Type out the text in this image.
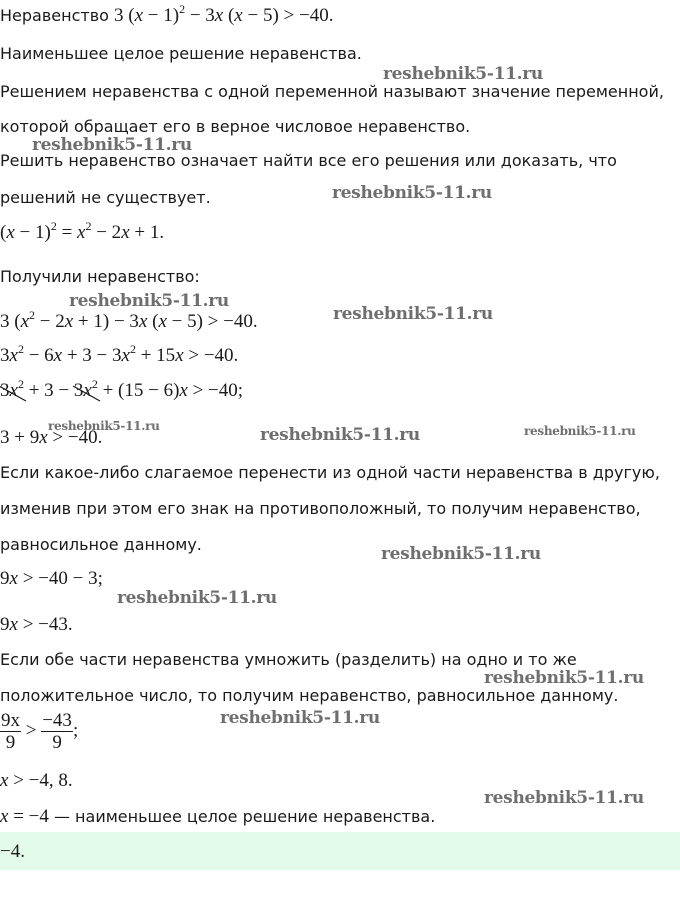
Неравенство 3 $(x - 1)^2 - 3x$ (x − 5) > −40.
Наименьшее целое решение неравенства.
Решением неравенства с одной переменной называют значение переменной,
которой обращает его в верное числовое неравенство.
Решить неравенство означает найти все его решения или доказать, что
решений не существует.
$(x - 1)^2 = x^2 - 2x + 1$.
Получили неравенство:
3 $(x^2 - 2x + 1) - 3x$ (x − 5) > −40.
$3x^2 - 6x + 3 - 3x^2 + 15x > -40$.
$3x^2$
+ $3 - 3x^2$
+ (15 − 6)x > −40;
3 + 9x > −40.
Если какое-либо слагаемое перенести из одной части неравенства в другую,
изменив при этом его знак на противоположный, то получим неравенство,
равносильное данному.
9x > −40 − 3;
9x > −43.
Если обе части неравенства умножить (разделить) на одно и то же
положительное число, то получим неравенство, равносильное данному.
$\frac{9x}{9} > \frac{-43}{9}$ ;
x > −4, 8.
x = −4 — наименьшее целое решение неравенства.
−4.
reshebnik5-11.ru
reshebnik5-11.ru
reshebnik5-11.ru
reshebnik5-11.ru
reshebnik5-11.ru
reshebnik5-11.ru	reshebnik5-11.ru	reshebnik5-11.ru
reshebnik5-11.ru
reshebnik5-11.ru
reshebnik5-11.ru
reshebnik5-11.ru
reshebnik5-11.ru
